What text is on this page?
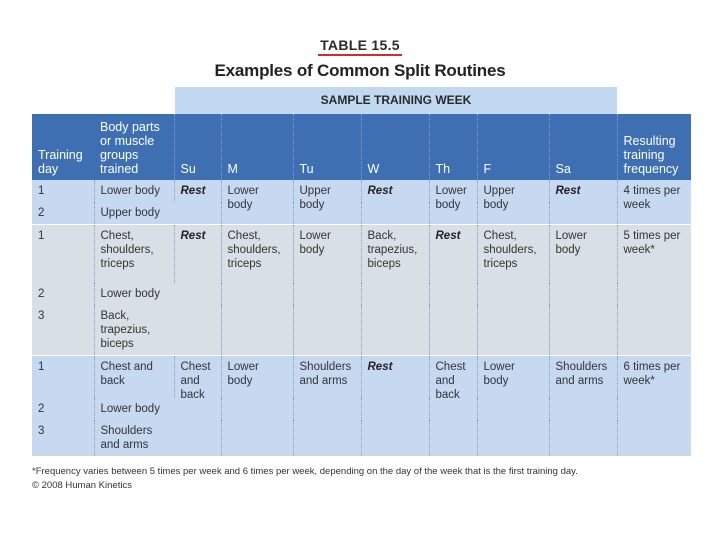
TABLE 15.5
Examples of Common Split Routines
SAMPLE TRAINING WEEK
Training day	Body parts or muscle groups trained	Su	M	Tu	W	Th	F	Sa	Resulting training frequency
1	Lower body	Rest	Lower body	Upper body	Rest	Lower body	Upper body	Rest	4 times per week
2	Upper body								
1	Chest, shoulders, triceps	Rest	Chest, shoulders, triceps	Lower body	Back, trapezius, biceps	Rest	Chest, shoulders, triceps	Lower body	5 times per week*
2	Lower body								
3	Back, trapezius, biceps								
1	Chest and back	Chest and back	Lower body	Shoulders and arms	Rest	Chest and back	Lower body	Shoulders and arms	6 times per week*
2	Lower body								
3	Shoulders and arms								
*Frequency varies between 5 times per week and 6 times per week, depending on the day of the week that is the first training day.
© 2008 Human Kinetics
